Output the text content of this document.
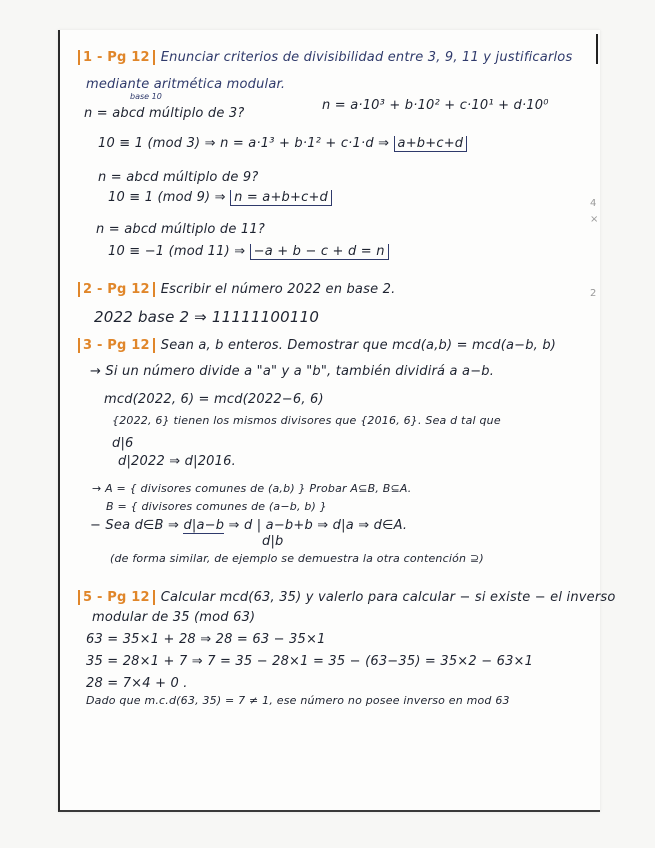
4
×
2
1 - Pg 12 Enunciar criterios de divisibilidad entre 3, 9, 11 y justificarlos
mediante aritmética modular.
base 10
n = abcd múltiplo de 3?
n = a·10³ + b·10² + c·10¹ + d·10⁰
10 ≡ 1 (mod 3) ⇒ n = a·1³ + b·1² + c·1·d ⇒ a+b+c+d
n = abcd múltiplo de 9?
10 ≡ 1 (mod 9) ⇒ n = a+b+c+d
n = abcd múltiplo de 11?
10 ≡ −1 (mod 11) ⇒ −a + b − c + d = n
2 - Pg 12 Escribir el número 2022 en base 2.
2022 base 2 ⇒ 11111100110
3 - Pg 12 Sean a, b enteros. Demostrar que mcd(a,b) = mcd(a−b, b)
→ Si un número divide a "a" y a "b", también dividirá a a−b.
mcd(2022, 6) = mcd(2022−6, 6)
{2022, 6} tienen los mismos divisores que {2016, 6}. Sea d tal que
d|6
d|2022 ⇒ d|2016.
→ A = { divisores comunes de (a,b) } Probar A⊆B, B⊆A.
B = { divisores comunes de (a−b, b) }
− Sea d∈B ⇒ d|a−b ⇒ d | a−b+b ⇒ d|a ⇒ d∈A.
d|b
(de forma similar, de ejemplo se demuestra la otra contención ⊇)
5 - Pg 12 Calcular mcd(63, 35) y valerlo para calcular − si existe − el inverso
modular de 35 (mod 63)
63 = 35×1 + 28 ⇒ 28 = 63 − 35×1
35 = 28×1 + 7 ⇒ 7 = 35 − 28×1 = 35 − (63−35) = 35×2 − 63×1
28 = 7×4 + 0 .
Dado que m.c.d(63, 35) = 7 ≠ 1, ese número no posee inverso en mod 63
